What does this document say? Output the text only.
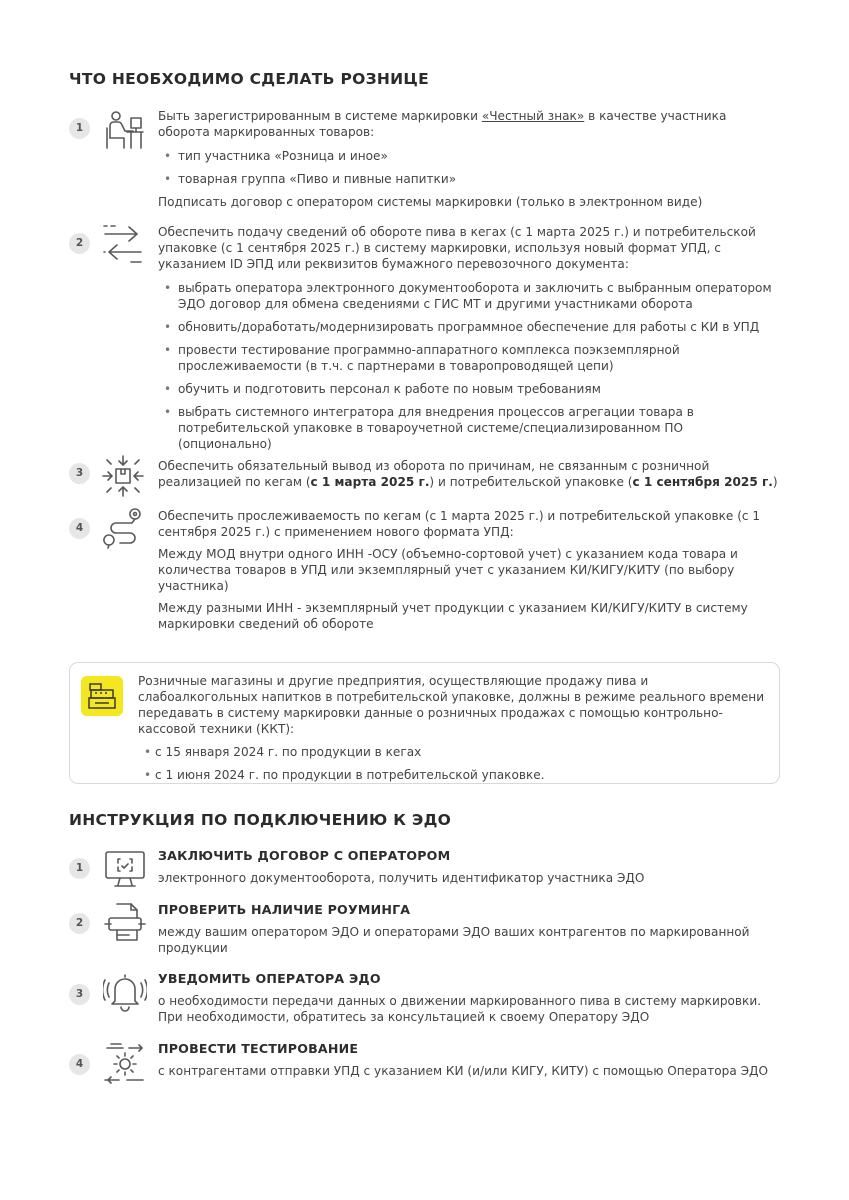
ЧТО НЕОБХОДИМО СДЕЛАТЬ РОЗНИЦЕ
1

Быть зарегистрированным в системе маркировки «Честный знак» в качестве участника оборота маркированных товаров:

• тип участника «Розница и иное»

• товарная группа «Пиво и пивные напитки»

Подписать договор с оператором системы маркировки (только в электронном виде)

2

Обеспечить подачу сведений об обороте пива в кегах (с 1 марта 2025 г.) и потребительской упаковке (с 1 сентября 2025 г.) в систему маркировки, используя новый формат УПД, с указанием ID ЭПД или реквизитов бумажного перевозочного документа:

• выбрать оператора электронного документооборота и заключить с выбранным оператором ЭДО договор для обмена сведениями с ГИС МТ и другими участниками оборота

• обновить/доработать/модернизировать программное обеспечение для работы с КИ в УПД

• провести тестирование программно-аппаратного комплекса поэкземплярной прослеживаемости (в т.ч. с партнерами в товаропроводящей цепи)

• обучить и подготовить персонал к работе по новым требованиям

• выбрать системного интегратора для внедрения процессов агрегации товара в потребительской упаковке в товароучетной системе/специализированном ПО (опционально)

3	Обеспечить обязательный вывод из оборота по причинам, не связанным с розничной реализацией по кегам (с 1 марта 2025 г.) и потребительской упаковке (с 1 сентября 2025 г.)

4

Обеспечить прослеживаемость по кегам (с 1 марта 2025 г.) и потребительской упаковке (с 1 сентября 2025 г.) с применением нового формата УПД:

Между МОД внутри одного ИНН -ОСУ (объемно-сортовой учет) с указанием кода товара и количества товаров в УПД или экземплярный учет с указанием КИ/КИГУ/КИТУ (по выбору участника)

Между разными ИНН - экземплярный учет продукции с указанием КИ/КИГУ/КИТУ в систему маркировки сведений об обороте

Розничные магазины и другие предприятия, осуществляющие продажу пива и слабоалкогольных напитков в потребительской упаковке, должны в режиме реального времени передавать в систему маркировки данные о розничных продажах с помощью контрольно-кассовой техники (ККТ):

• с 15 января 2024 г. по продукции в кегах

• с 1 июня 2024 г. по продукции в потребительской упаковке.

ИНСТРУКЦИЯ ПО ПОДКЛЮЧЕНИЮ К ЭДО
1

ЗАКЛЮЧИТЬ ДОГОВОР С ОПЕРАТОРОМ

электронного документооборота, получить идентификатор участника ЭДО

2

ПРОВЕРИТЬ НАЛИЧИЕ РОУМИНГА

между вашим оператором ЭДО и операторами ЭДО ваших контрагентов по маркированной продукции

3

УВЕДОМИТЬ ОПЕРАТОРА ЭДО

о необходимости передачи данных о движении маркированного пива в систему маркировки. При необходимости, обратитесь за консультацией к своему Оператору ЭДО

4

ПРОВЕСТИ ТЕСТИРОВАНИЕ

с контрагентами отправки УПД с указанием КИ (и/или КИГУ, КИТУ) с помощью Оператора ЭДО
